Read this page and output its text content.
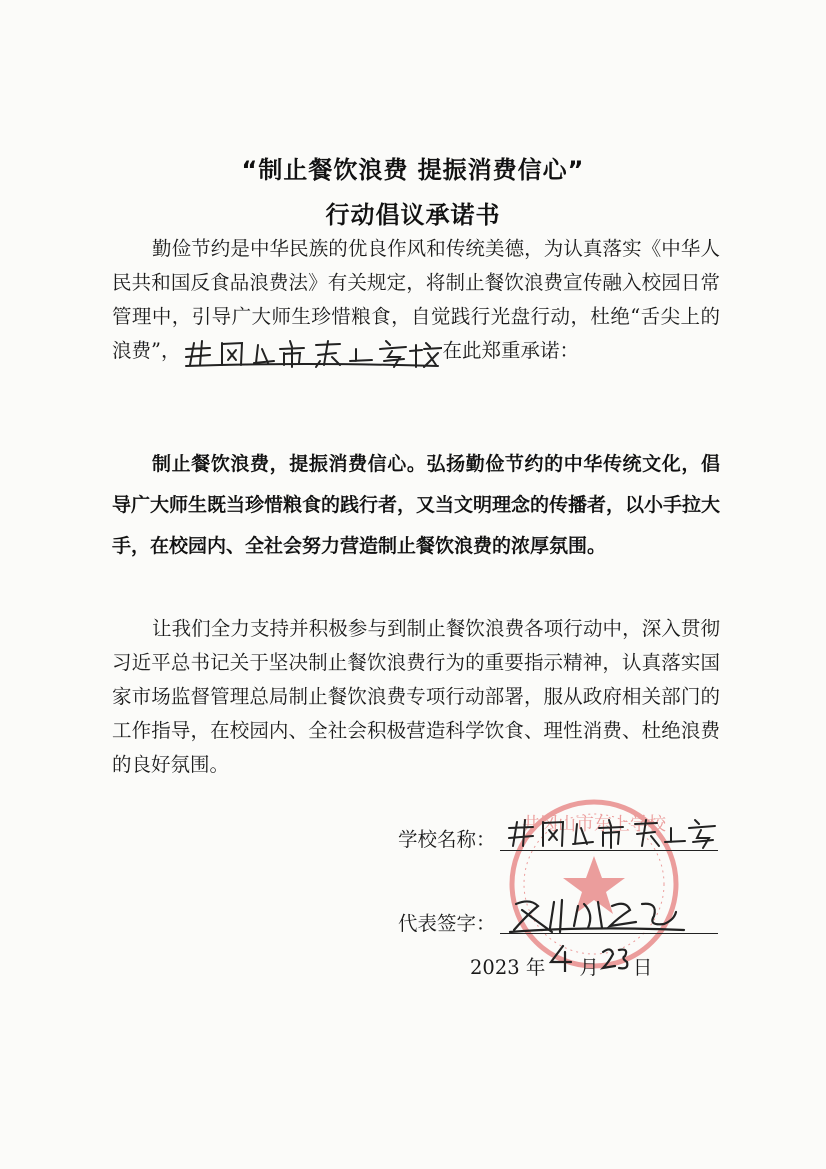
“制止餐饮浪费 提振消费信心”
行动倡议承诺书

勤俭节约是中华民族的优良作风和传统美德，为认真落实《中华人民共和国反食品浪费法》有关规定，将制止餐饮浪费宣传融入校园日常管理中，引导广大师生珍惜粮食，自觉践行光盘行动，杜绝“舌尖上的浪费”，	在此郑重承诺：

制止餐饮浪费，提振消费信心。弘扬勤俭节约的中华传统文化，倡导广大师生既当珍惜粮食的践行者，又当文明理念的传播者，以小手拉大手，在校园内、全社会努力营造制止餐饮浪费的浓厚氛围。

让我们全力支持并积极参与到制止餐饮浪费各项行动中，深入贯彻习近平总书记关于坚决制止餐饮浪费行为的重要指示精神，认真落实国家市场监督管理总局制止餐饮浪费专项行动部署，服从政府相关部门的工作指导，在校园内、全社会积极营造科学饮食、理性消费、杜绝浪费的良好氛围。

井冈山市东上学校
学校名称：
代表签字：
2023
年 月 日
